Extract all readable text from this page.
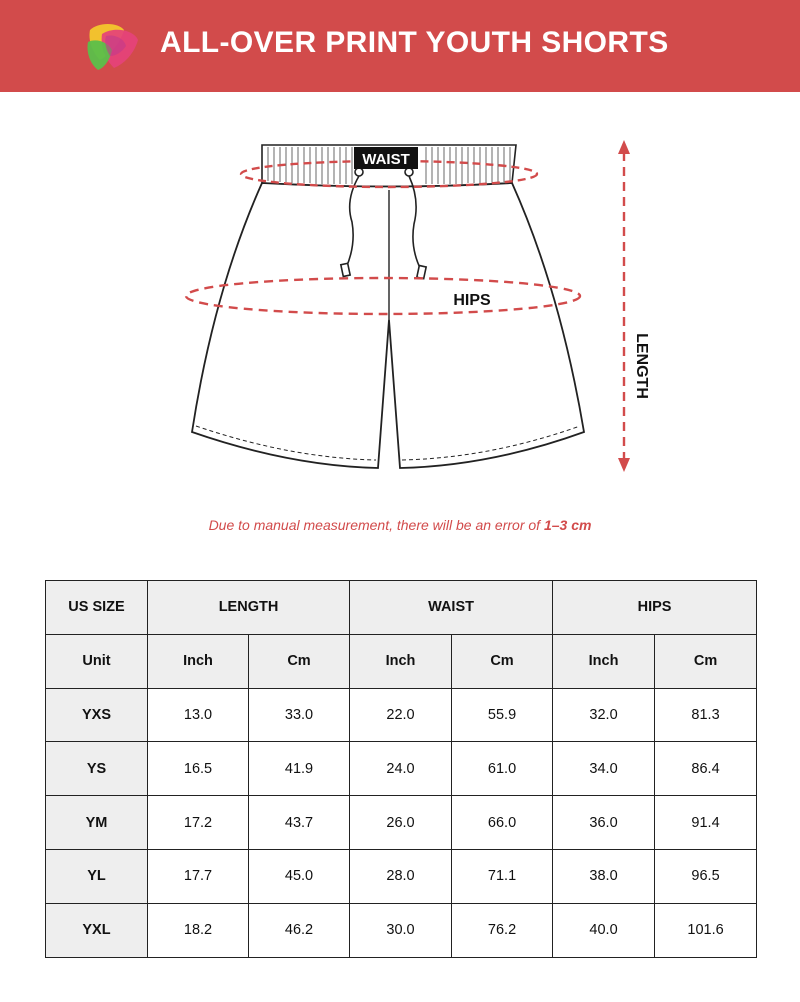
ALL-OVER PRINT YOUTH SHORTS
WAIST
HIPS
LENGTH
Due to manual measurement, there will be an error of 1–3 cm
US SIZE	LENGTH		WAIST		HIPS	
Unit	Inch	Cm	Inch	Cm	Inch	Cm
YXS	13.0	33.0	22.0	55.9	32.0	81.3
YS	16.5	41.9	24.0	61.0	34.0	86.4
YM	17.2	43.7	26.0	66.0	36.0	91.4
YL	17.7	45.0	28.0	71.1	38.0	96.5
YXL	18.2	46.2	30.0	76.2	40.0	101.6
